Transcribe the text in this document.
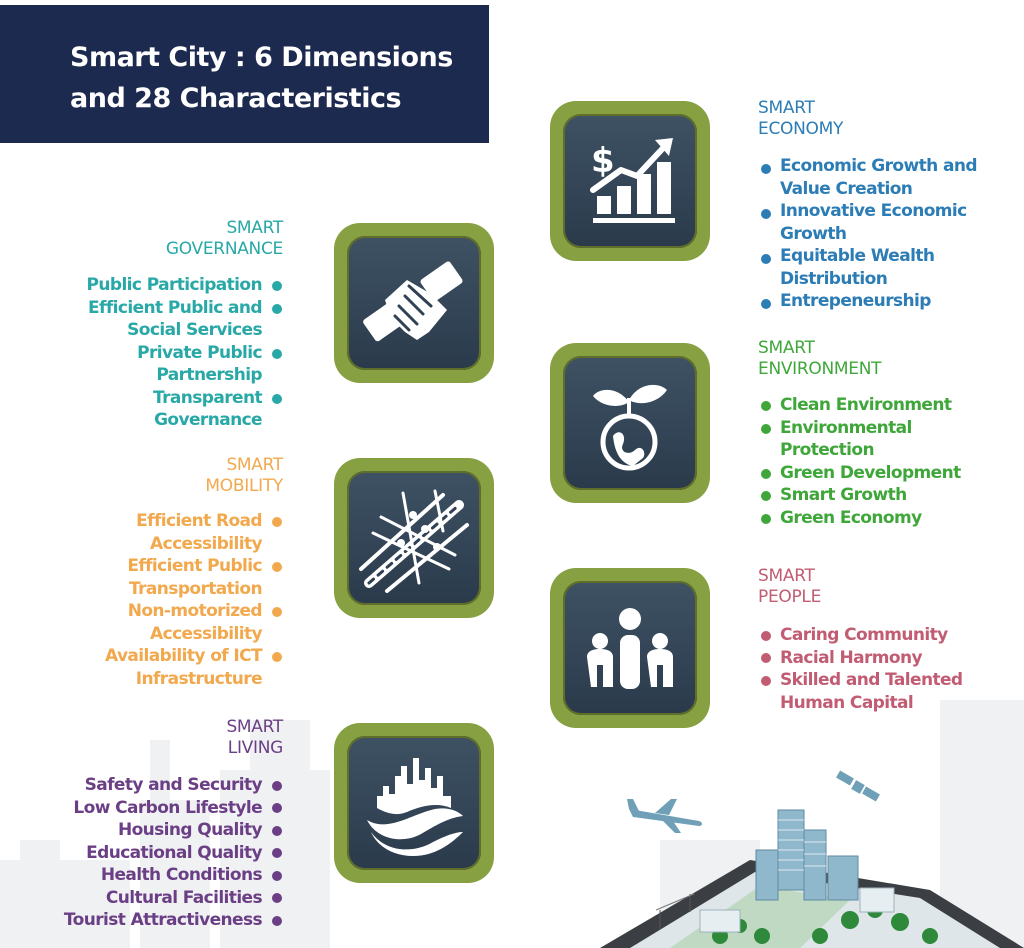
Smart City : 6 Dimensions
and 28 Characteristics
$
SMART
GOVERNANCE
Public Participation
Efficient Public and
Social Services
Private Public
Partnership
Transparent
Governance
SMART
MOBILITY
Efficient Road
Accessibility
Efficient Public
Transportation
Non-motorized
Accessibility
Availability of ICT
Infrastructure
SMART
LIVING
Safety and Security
Low Carbon Lifestyle
Housing Quality
Educational Quality
Health Conditions
Cultural Facilities
Tourist Attractiveness
SMART
ECONOMY
Economic Growth and
Value Creation
Innovative Economic
Growth
Equitable Wealth
Distribution
Entrepeneurship
SMART
ENVIRONMENT
Clean Environment
Environmental
Protection
Green Development
Smart Growth
Green Economy
SMART
PEOPLE
Caring Community
Racial Harmony
Skilled and Talented
Human Capital
